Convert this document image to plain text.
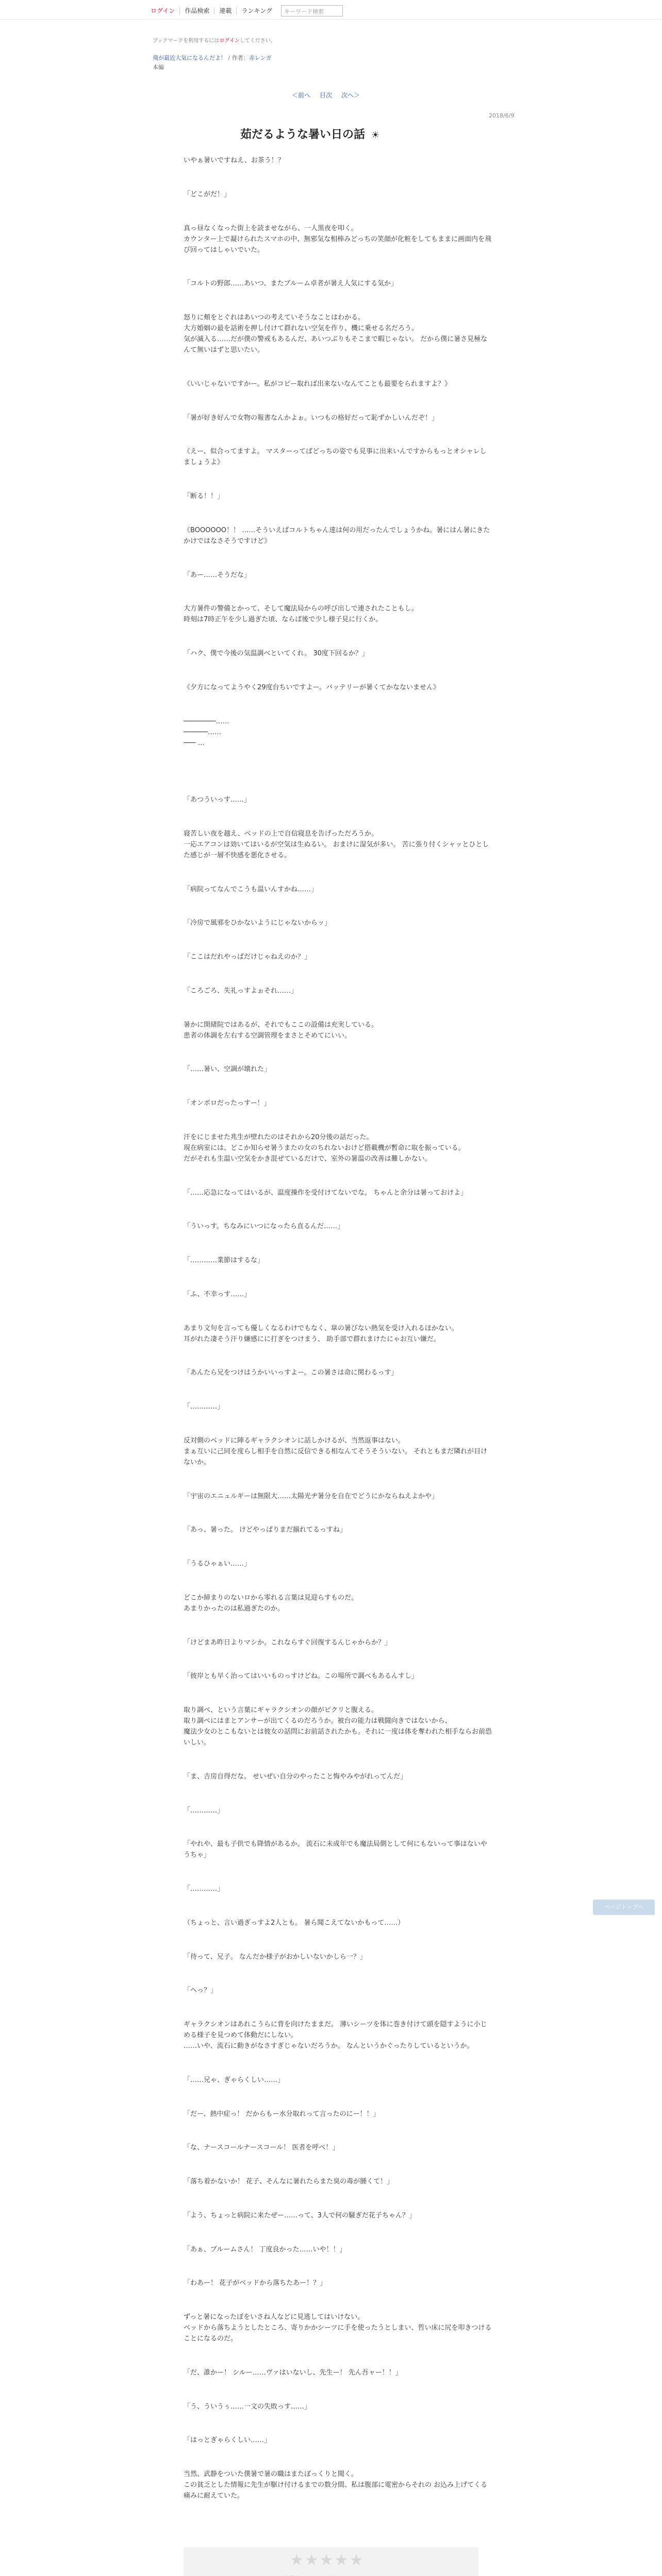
ログイン	作品検索	連載	ランキング	キーワード検索
ブックマークを利用するにはログインしてください。
飛が最近大気になるんだよ！ / 作者：赤レンガ
本編
＜前へ 目次 次へ＞
2018/6/9
茹だるような暑い日の話 ☀
いやぁ暑いですねえ、お茶う！？
「どこがだ！」
真っ昼なくなった街上を読ませながら、一人黒夜を叩く。
カウンター上で凝けられたスマホの中、無邪気な相棒みどっちの笑顔が化粧をしてもままに画面内を飛び回ってはしゃいでいた。
「コルトの野郎……あいつ、またブルーム卓者が暑え人気にする気か」
怒りに頰をとぐれはあいつの考えていそうなことはわかる。
大方婚姻の最を話術を押し付けて群れない空気を作り、機に乗せる名だろう。
気が滅入る……だが僕の警戒もあるんだ、あいつぶりもそこまで暇じゃない。 だから僕に暑さ見極なんて無いはずと思いたい。
《いいじゃないですかー。私がコピー取れば出来ないなんてことも最要をられますよ？》
「暑が好き好んで女物の報書なんかよぉ。いつもの格好だって恥ずかしいんだぞ！」
《えー、似合ってますよ。 マスターってばどっちの姿でも見事に出来いんですからもっとオシャレしましょうよ》
「断る！！」
《BOOOOOO！！ ……そういえばコルトちゃん達は何の用だったんでしょうかね。暑にはん暑にきたかけではなさそうですけど》
「あー……そうだな」
大方暑件の警備とかって、そして魔法局からの呼び出しで連されたこともし。
時刻は7時正午を少し過ぎた頃、ならば後で少し様子見に行くか。
「ハク、僕で今後の気温調べといてくれ。 30度下回るか？」
《夕方になってようやく29度台ちいですよー。バッテリーが暑くてかなないません》
────────……
──────……
─── …
「あつういっす……」
寝苦しい夜を越え、ベッドの上で自信寝息を告げっただろうか。
一応エアコンは効いてはいるが空気は生ぬるい。 おまけに湿気が多い。 苦に張り付くシャッとひとした感じが一層不快感を悪化させる。
「病院ってなんでこうも温いんすかね……」
「冷房で風邪をひかないようにじゃないからッ」
「ここはだれやっぱだけじゃねえのか？」
「ころごろ、失礼っすよぉそれ……」
暑かに開緒院ではあるが、それでもここの設備は充実している。
患者の体調を左右する空調管理をまさとそめてにいい。
「……暑い、空調が壊れた」
「オンボロだったっすー！」
汗をにじませた兆生が壁れたのはそれから20分後の話だった。
現在病室には、どこか知らせ暑うまたの女のちれないおけど搭載機が暫命に取を振っている。
だがそれも生温い空気をかき混ぜているだけで、室外の暑温の改善は難しかない。
「……応急になってはいるが、温度操作を受付けてないでな。 ちゃんと余分は暑っておけよ」
「ういっす。ちなみにいつになったら直るんだ……」
「…………業節はするな」
「ふ、不幸っす……」
あまり文句を言っても優しくなるわけでもなく、皐の暑びない熱気を受け入れるほかない。
耳がれた凄そう汗り嫌感にに打ぎをつけまう、 助手部で群れまけたにゃお互い嫌だ。
「あんたら兄をつけはうかいいっすよー。この暑さは命に関わるっす」
「…………」
反対側のベッドに陣るギャラクシオンに話しかけるが、当然返事はない。
まぁ互いに己同を度らし相手を自然に反信できる相なんてそうそういない。 それともまだ隣れが目けないか。
「宇宙のエニュルギーは無限大……太陽光ヂ暑分を自在でどうにかならねえよかや」
「あっ、暑った。 けどやっぱりまだ揃れてるっすね」
「うるひゃぁい……」
どこか締まりのないロから零れる言葉は見迎らすものだ。
あまりかったのは私過ぎたのか。
「けどまあ昨日よりマシか。これならすぐ回復するんじゃからか？」
「彼岸とも早く治ってはいいものっすけどね。この場所で調べもあるんすし」
取り調べ、という言葉にギャラクシオンの顔がピクリと腹える。
取り調べにはまとアンサーが出てくるのだろうか。被台の能力は戦闘向きではないから、
魔法少女のとこもないとは彼女の話問にお前話されたかも。それに一度は体を奪われた相手ならお前恐いしい。
「ま、吉房自得だな。 せいぜい自分のやったこと悔やみやがれってんだ」
「…………」
「やれや、最も子供でも降情があるか。 流石に未成年でも魔法局側として何にもないって事はないやうちゃ」
「…………」
（ちょっと、言い過ぎっすよ2人とも。 暑ら聞こえてないかもって……）
「待って、兄子。 なんだか様子がおかしいないかしら一？」
「へっ？」
ギャラクシオンはあれこうらに背を向けたままだ。 薄いシーツを体に巻き付けて頭を隠すように小じめる様子を見つめて体動だにしない。
……いや、流石に動きがなさすぎじゃないだろうか。 なんというかぐったりしているというか。
「……兄ゃ、ぎゃらくしい……」
「だー、熱中症っ！ だからもー水分取れって言ったのにー！！」
「な、ナースコールナースコール！ 医者を呼べ！」
「落ち着かないか！ 花子、そんなに暑れたらまた臭の毒が腫くて！」
「よう、ちょっと病院に来たぜー……って、3人で何の騒ぎだ花子ちゃん？」
「あぁ、ブルームさん！ 丁度良かった……いや！！」
「わあー！ 花子がベッドから落ちたあー！？」
ずっと暑になったぼをいさね人などに見逃してはいけない。
ベッドから落ちようとしたところ、寄りかかシーツに手を使ったうとしまい、哲い床に尻を叩きつけることになるのだ。
「だ、誰かー！ シルー……ヴァはいないし、先生ー！ 先ん吾ャー！！」
「う、ういうぅ……一文の失敗っす……」
「はっとぎゃらくしい……」
当然、武静をついた僕暑で暑の職はまたぼっくりと聞く。
この貧乏とした情報に先生が駆け付けるまでの数分間、私は腹部に電密からそれの お込み上げてくる痛みに耐えていた。
ページトップへ
★★★★★
